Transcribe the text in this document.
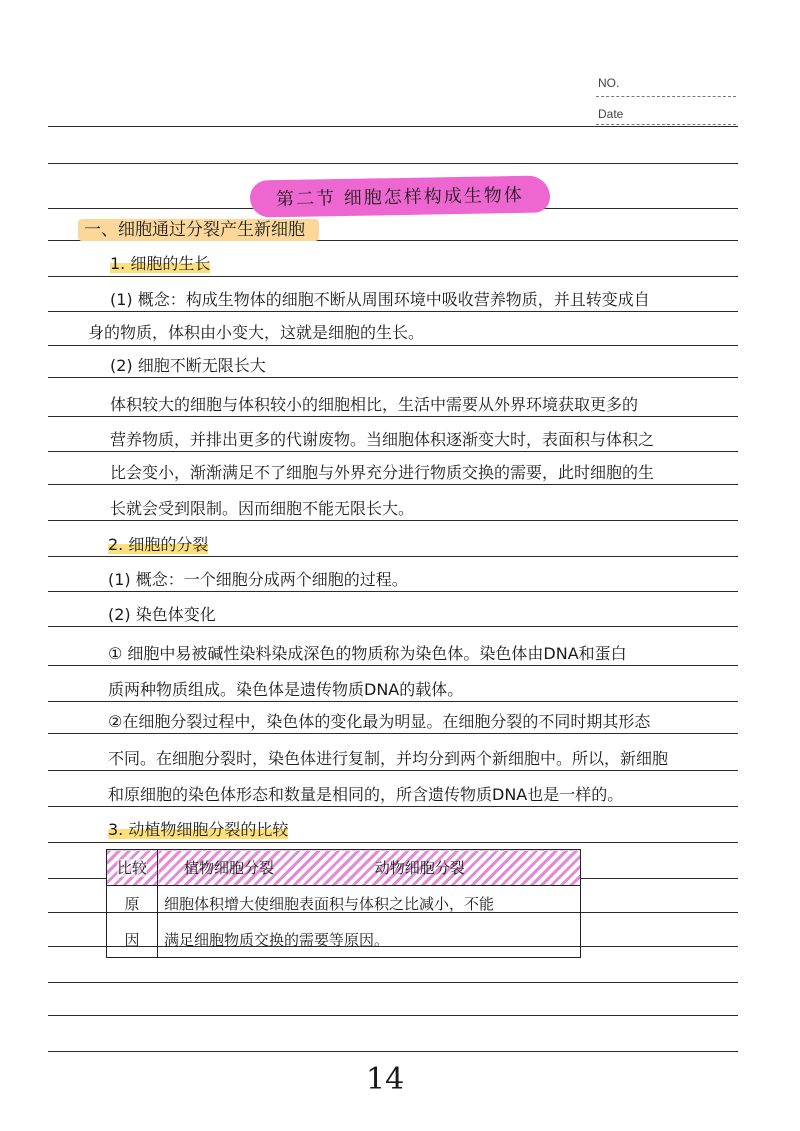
NO.
Date
第二节 细胞怎样构成生物体
一、细胞通过分裂产生新细胞
1. 细胞的生长
(1) 概念：构成生物体的细胞不断从周围环境中吸收营养物质，并且转变成自
身的物质，体积由小变大，这就是细胞的生长。
(2) 细胞不断无限长大
体积较大的细胞与体积较小的细胞相比，生活中需要从外界环境获取更多的
营养物质，并排出更多的代谢废物。当细胞体积逐渐变大时，表面积与体积之
比会变小，渐渐满足不了细胞与外界充分进行物质交换的需要，此时细胞的生
长就会受到限制。因而细胞不能无限长大。
2. 细胞的分裂
(1) 概念：一个细胞分成两个细胞的过程。
(2) 染色体变化
① 细胞中易被碱性染料染成深色的物质称为染色体。染色体由DNA和蛋白
质两种物质组成。染色体是遗传物质DNA的载体。
②在细胞分裂过程中，染色体的变化最为明显。在细胞分裂的不同时期其形态
不同。在细胞分裂时，染色体进行复制，并均分到两个新细胞中。所以，新细胞
和原细胞的染色体形态和数量是相同的，所含遗传物质DNA也是一样的。
3. 动植物细胞分裂的比较
比较	植物细胞分裂 动物细胞分裂
原	细胞体积增大使细胞表面积与体积之比减小，不能
因	满足细胞物质交换的需要等原因。
14
